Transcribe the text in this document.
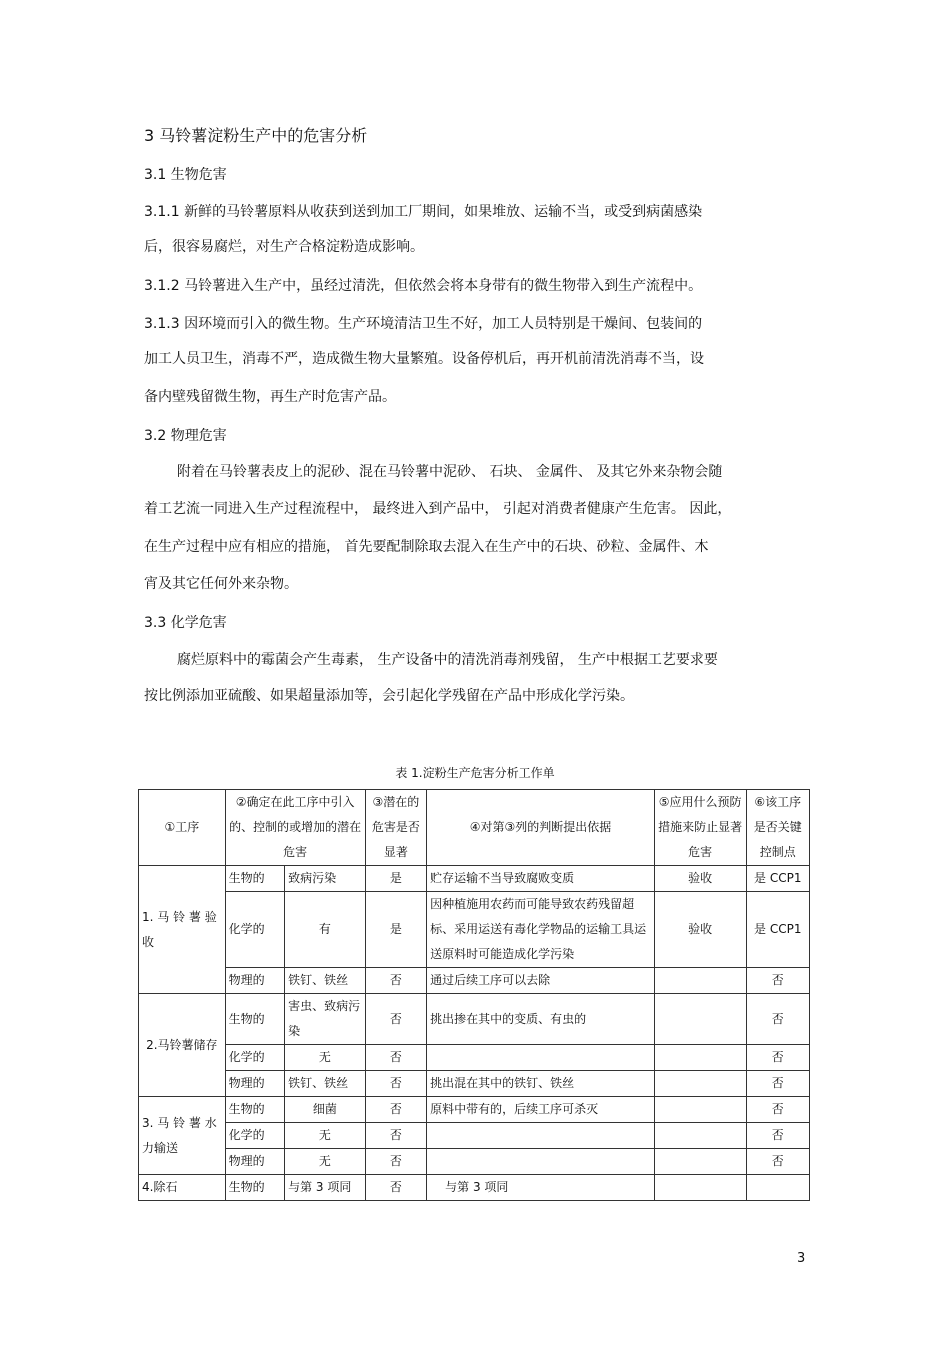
3 马铃薯淀粉生产中的危害分析
3.1 生物危害
3.1.1 新鲜的马铃薯原料从收获到送到加工厂期间，如果堆放、运输不当，或受到病菌感染
后，很容易腐烂，对生产合格淀粉造成影响。
3.1.2 马铃薯进入生产中，虽经过清洗，但依然会将本身带有的微生物带入到生产流程中。
3.1.3 因环境而引入的微生物。生产环境清洁卫生不好，加工人员特别是干燥间、包装间的
加工人员卫生，消毒不严，造成微生物大量繁殖。设备停机后，再开机前清洗消毒不当，设
备内壁残留微生物，再生产时危害产品。
3.2 物理危害
附着在马铃薯表皮上的泥砂、混在马铃薯中泥砂、 石块、 金属件、 及其它外来杂物会随
着工艺流一同进入生产过程流程中， 最终进入到产品中， 引起对消费者健康产生危害。 因此，
在生产过程中应有相应的措施， 首先要配制除取去混入在生产中的石块、砂粒、金属件、木
宵及其它任何外来杂物。
3.3 化学危害
腐烂原料中的霉菌会产生毒素， 生产设备中的清洗消毒剂残留， 生产中根据工艺要求要
按比例添加亚硫酸、如果超量添加等，会引起化学残留在产品中形成化学污染。
表 1.淀粉生产危害分析工作单
①工序	②确定在此工序中引入的、控制的或增加的潜在危害		③潜在的危害是否显著	④对第③列的判断提出依据	⑤应用什么预防措施来防止显著危害	⑥该工序是否关键控制点
1. 马 铃 薯 验 收	生物的	致病污染	是	贮存运输不当导致腐败变质	验收	是 CCP1
	化学的	有	是	因种植施用农药而可能导致农药残留超标、采用运送有毒化学物品的运输工具运送原料时可能造成化学污染	验收	是 CCP1
	物理的	铁钉、铁丝	否	通过后续工序可以去除		否
2.马铃薯储存	生物的	害虫、致病污染	否	挑出掺在其中的变质、有虫的		否
	化学的	无	否			否
	物理的	铁钉、铁丝	否	挑出混在其中的铁钉、铁丝		否
3. 马 铃 薯 水 力输送	生物的	细菌	否	原料中带有的，后续工序可杀灭		否
	化学的	无	否			否
	物理的	无	否			否
4.除石	生物的	与第 3 项同	否	与第 3 项同		
3
